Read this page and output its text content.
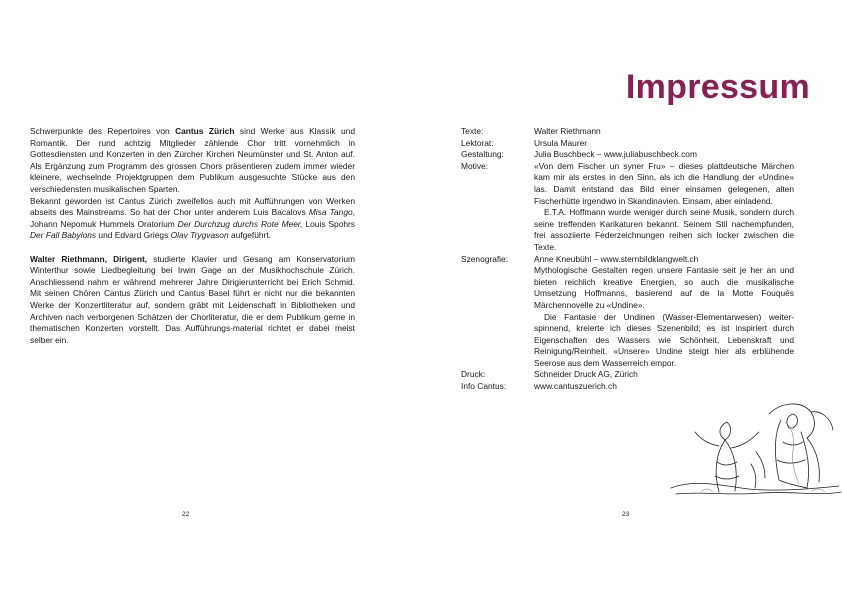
Schwerpunkte des Repertoires von Cantus Zürich sind Werke aus Klassik und Romantik. Der rund achtzig Mitglieder zählende Chor tritt vornehmlich in Gottesdiensten und Konzerten in den Zürcher Kirchen Neumünster und St. Anton auf. Als Ergänzung zum Programm des grossen Chors präsentieren zudem immer wieder kleinere, wechselnde Projektgruppen dem Publikum ausgesuchte Stücke aus den verschiedensten musikalischen Sparten.

Bekannt geworden ist Cantus Zürich zweifellos auch mit Aufführungen von Werken abseits des Mainstreams. So hat der Chor unter anderem Luis Bacalovs Misa Tango, Johann Nepomuk Hummels Oratorium Der Durchzug durchs Rote Meer, Louis Spohrs Der Fall Babylons und Edvard Griegs Olav Trygvason aufgeführt.

Walter Riethmann, Dirigent, studierte Klavier und Gesang am Konservatorium Winterthur sowie Liedbegleitung bei Irwin Gage an der Musikhochschule Zürich. Anschliessend nahm er während mehrerer Jahre Dirigierunterricht bei Erich Schmid. Mit seinen Chören Cantus Zürich und Cantus Basel führt er nicht nur die bekannten Werke der Konzertliteratur auf, sondern gräbt mit Leidenschaft in Bibliotheken und Archiven nach verborgenen Schätzen der Chorliteratur, die er dem Publikum gerne in thematischen Konzerten vorstellt. Das Aufführungs-material richtet er dabei meist selber ein.

22
Impressum
Texte:	Walter Riethmann
Lektorat:	Ursula Maurer
Gestaltung:	Julia Buschbeck – www.juliabuschbeck.com
Motive:	«Von dem Fischer un syner Fru» – dieses plattdeutsche Märchen kam mir als erstes in den Sinn, als ich die Handlung der «Undine» las. Damit entstand das Bild einer einsamen gelegenen, alten Fischerhütte irgendwo in Skandinavien. Einsam, aber einladend.

E.T.A. Hoffmann wurde weniger durch seine Musik, sondern durch seine treffenden Karikaturen bekannt. Seinem Stil nachempfunden, frei assoziierte Federzeichnungen reihen sich locker zwischen die Texte.

Szenografie:	Anne Kneubühl – www.sternbildklangwelt.ch

Mythologische Gestalten regen unsere Fantasie seit je her an und bieten reichlich kreative Energien, so auch die musikalische Umsetzung Hoffmanns, basierend auf de la Motte Fouqués Märchennovelle zu «Undine».

Die Fantasie der Undinen (Wasser-Elementarwesen) weiter-spinnend, kreierte ich dieses Szenenbild; es ist inspiriert durch Eigenschaften des Wassers wie Schönheit, Lebenskraft und Reinigung/Reinheit. «Unsere» Undine steigt hier als erblühende Seerose aus dem Wasserreich empor.

Druck:	Schneider Druck AG, Zürich
Info Cantus:	www.cantuszuerich.ch
23
